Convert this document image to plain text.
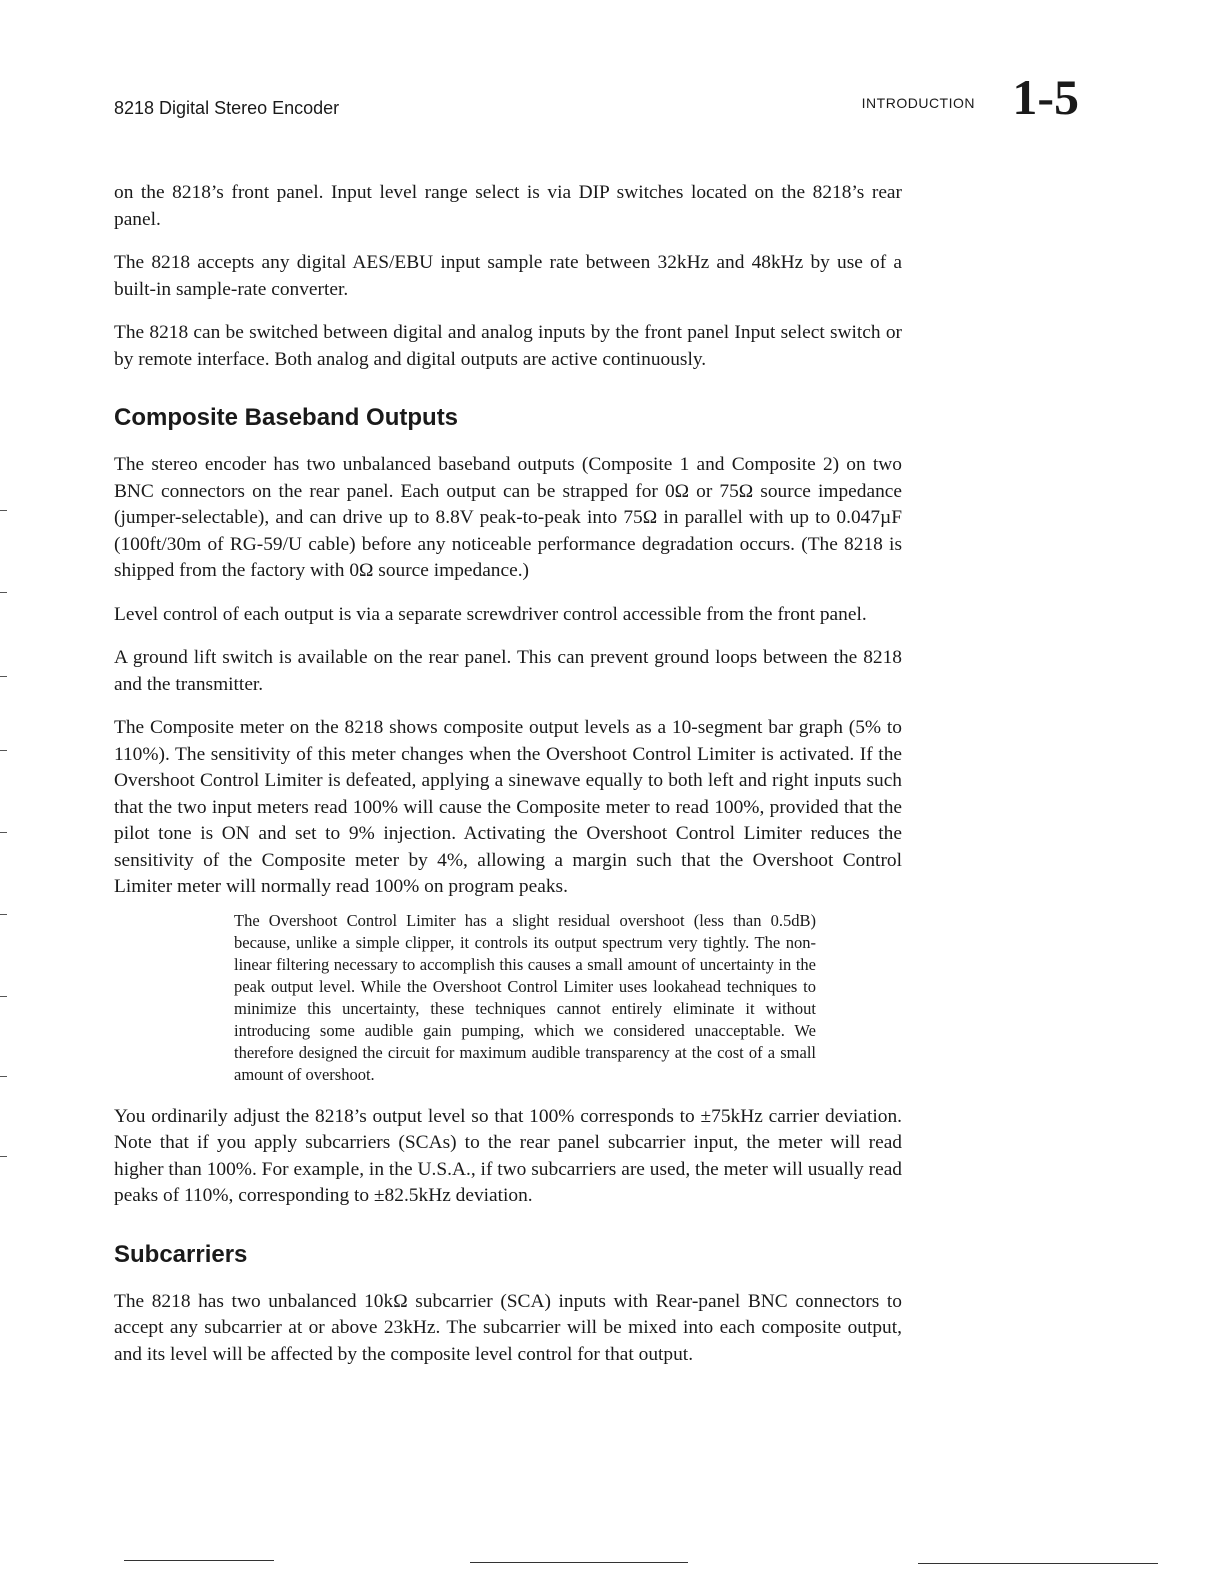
8218 Digital Stereo Encoder	INTRODUCTION 1-5

on the 8218’s front panel. Input level range select is via DIP switches located on the 8218’s rear panel.

The 8218 accepts any digital AES/EBU input sample rate between 32kHz and 48kHz by use of a built-in sample-rate converter.

The 8218 can be switched between digital and analog inputs by the front panel Input select switch or by remote interface. Both analog and digital outputs are active continuously.

Composite Baseband Outputs

The stereo encoder has two unbalanced baseband outputs (Composite 1 and Composite 2) on two BNC connectors on the rear panel. Each output can be strapped for 0Ω or 75Ω source impedance (jumper-selectable), and can drive up to 8.8V peak-to-peak into 75Ω in parallel with up to 0.047µF (100ft/30m of RG-59/U cable) before any noticeable performance degradation occurs. (The 8218 is shipped from the factory with 0Ω source impedance.)

Level control of each output is via a separate screwdriver control accessible from the front panel.

A ground lift switch is available on the rear panel. This can prevent ground loops between the 8218 and the transmitter.

The Composite meter on the 8218 shows composite output levels as a 10-segment bar graph (5% to 110%). The sensitivity of this meter changes when the Overshoot Control Limiter is activated. If the Overshoot Control Limiter is defeated, applying a sinewave equally to both left and right inputs such that the two input meters read 100% will cause the Composite meter to read 100%, provided that the pilot tone is ON and set to 9% injection. Activating the Overshoot Control Limiter reduces the sensitivity of the Composite meter by 4%, allowing a margin such that the Overshoot Control Limiter meter will normally read 100% on program peaks.

The Overshoot Control Limiter has a slight residual overshoot (less than 0.5dB) because, unlike a simple clipper, it controls its output spectrum very tightly. The non-linear filtering necessary to accomplish this causes a small amount of uncertainty in the peak output level. While the Overshoot Control Limiter uses lookahead techniques to minimize this uncertainty, these techniques cannot entirely eliminate it without introducing some audible gain pumping, which we considered unacceptable. We therefore designed the circuit for maximum audible transparency at the cost of a small amount of overshoot.

You ordinarily adjust the 8218’s output level so that 100% corresponds to ±75kHz carrier deviation. Note that if you apply subcarriers (SCAs) to the rear panel subcarrier input, the meter will read higher than 100%. For example, in the U.S.A., if two subcarriers are used, the meter will usually read peaks of 110%, corresponding to ±82.5kHz deviation.

Subcarriers

The 8218 has two unbalanced 10kΩ subcarrier (SCA) inputs with Rear-panel BNC connectors to accept any subcarrier at or above 23kHz. The subcarrier will be mixed into each composite output, and its level will be affected by the composite level control for that output.
